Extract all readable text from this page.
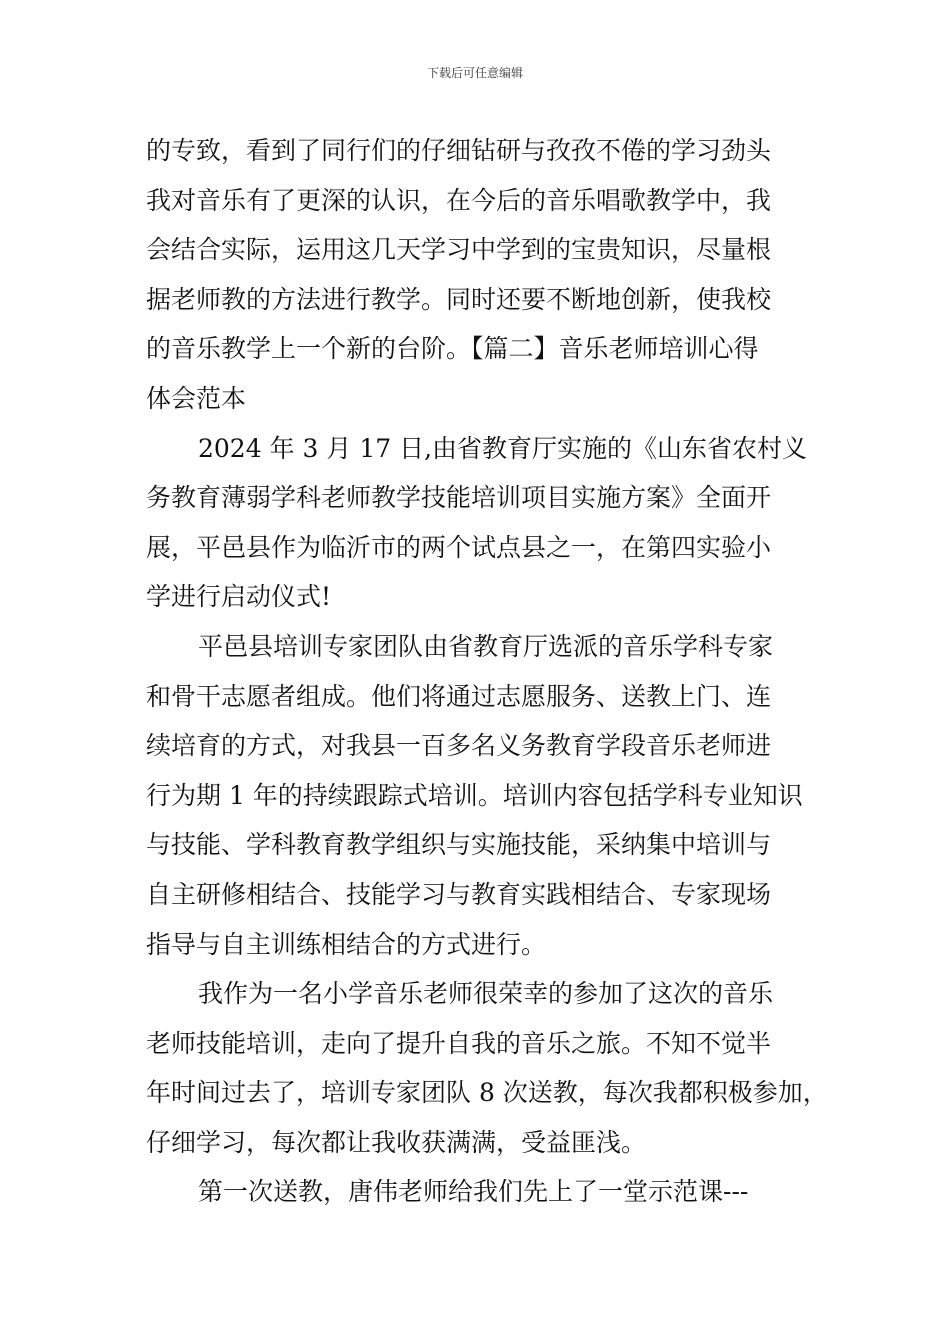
下载后可任意编辑
的专致，看到了同行们的仔细钻研与孜孜不倦的学习劲头
我对音乐有了更深的认识，在今后的音乐唱歌教学中，我
会结合实际，运用这几天学习中学到的宝贵知识，尽量根
据老师教的方法进行教学。同时还要不断地创新，使我校
的音乐教学上一个新的台阶。【篇二】音乐老师培训心得
体会范本
2024 年 3 月 17 日,由省教育厅实施的《山东省农村义
务教育薄弱学科老师教学技能培训项目实施方案》全面开
展，平邑县作为临沂市的两个试点县之一，在第四实验小
学进行启动仪式!
平邑县培训专家团队由省教育厅选派的音乐学科专家
和骨干志愿者组成。他们将通过志愿服务、送教上门、连
续培育的方式，对我县一百多名义务教育学段音乐老师进
行为期 1 年的持续跟踪式培训。培训内容包括学科专业知识
与技能、学科教育教学组织与实施技能，采纳集中培训与
自主研修相结合、技能学习与教育实践相结合、专家现场
指导与自主训练相结合的方式进行。
我作为一名小学音乐老师很荣幸的参加了这次的音乐
老师技能培训，走向了提升自我的音乐之旅。不知不觉半
年时间过去了，培训专家团队 8 次送教，每次我都积极参加，
仔细学习，每次都让我收获满满，受益匪浅。
第一次送教，唐伟老师给我们先上了一堂示范课---
